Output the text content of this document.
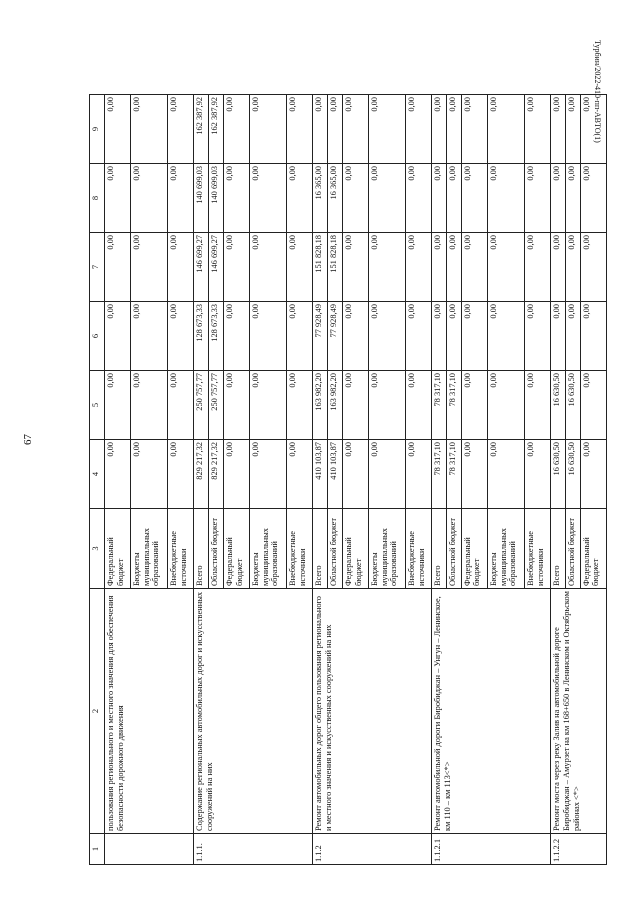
67
Турбин/2022-410-пп-АВТО(1)
1	2	3	4	5	6	7	8	9
	пользования регионального и местного значения для обеспечения безопасности дорожного движения	Федеральный бюджет	0,00	0,00	0,00	0,00	0,00	0,00
		Бюджеты муниципальных образований	0,00	0,00	0,00	0,00	0,00	0,00
		Внебюджетные источники	0,00	0,00	0,00	0,00	0,00	0,00
1.1.1.	Содержание региональных автомобильных дорог и искусственных сооружений на них	Всего	829 217,32	250 757,77	128 673,33	146 699,27	140 699,03	162 387,92
		Областной бюджет	829 217,32	250 757,77	128 673,33	146 699,27	140 699,03	162 387,92
		Федеральный бюджет	0,00	0,00	0,00	0,00	0,00	0,00
		Бюджеты муниципальных образований	0,00	0,00	0,00	0,00	0,00	0,00
		Внебюджетные источники	0,00	0,00	0,00	0,00	0,00	0,00
1.1.2	Ремонт автомобильных дорог общего пользования регионального и местного значения и искусственных сооружений на них	Всего	410 103,87	163 982,20	77 928,49	151 828,18	16 365,00	0,00
		Областной бюджет	410 103,87	163 982,20	77 928,49	151 828,18	16 365,00	0,00
		Федеральный бюджет	0,00	0,00	0,00	0,00	0,00	0,00
		Бюджеты муниципальных образований	0,00	0,00	0,00	0,00	0,00	0,00
		Внебюджетные источники	0,00	0,00	0,00	0,00	0,00	0,00
1.1.2.1	Ремонт автомобильной дороги Биробиджан – Унгун – Ленинское, км 110 – км 113<*>	Всего	78 317,10	78 317,10	0,00	0,00	0,00	0,00
		Областной бюджет	78 317,10	78 317,10	0,00	0,00	0,00	0,00
		Федеральный бюджет	0,00	0,00	0,00	0,00	0,00	0,00
		Бюджеты муниципальных образований	0,00	0,00	0,00	0,00	0,00	0,00
		Внебюджетные источники	0,00	0,00	0,00	0,00	0,00	0,00
1.1.2.2	Ремонт моста через реку Залив на автомобильной дороге Биробиджан – Амурзет на км 168+650 в Ленинском и Октябрьском районах <*>	Всего	16 630,50	16 630,50	0,00	0,00	0,00	0,00
		Областной бюджет	16 630,50	16 630,50	0,00	0,00	0,00	0,00
		Федеральный бюджет	0,00	0,00	0,00	0,00	0,00	0,00
